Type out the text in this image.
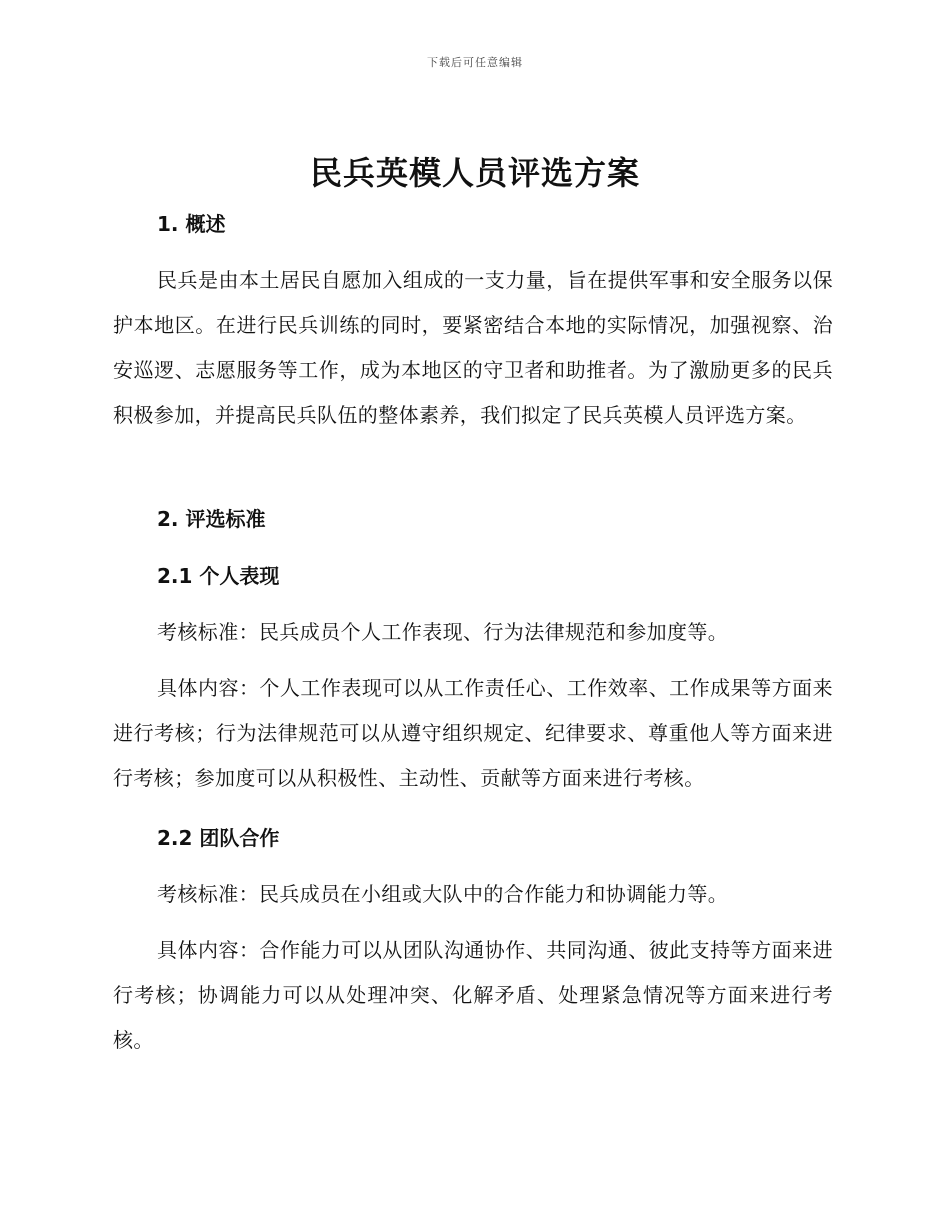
下载后可任意编辑
民兵英模人员评选方案
1. 概述

民兵是由本土居民自愿加入组成的一支力量，旨在提供军事和安全服务以保护本地区。在进行民兵训练的同时，要紧密结合本地的实际情况，加强视察、治安巡逻、志愿服务等工作，成为本地区的守卫者和助推者。为了激励更多的民兵积极参加，并提高民兵队伍的整体素养，我们拟定了民兵英模人员评选方案。

2. 评选标准
2.1 个人表现

考核标准：民兵成员个人工作表现、行为法律规范和参加度等。

具体内容：个人工作表现可以从工作责任心、工作效率、工作成果等方面来进行考核；行为法律规范可以从遵守组织规定、纪律要求、尊重他人等方面来进行考核；参加度可以从积极性、主动性、贡献等方面来进行考核。

2.2 团队合作

考核标准：民兵成员在小组或大队中的合作能力和协调能力等。

具体内容：合作能力可以从团队沟通协作、共同沟通、彼此支持等方面来进行考核；协调能力可以从处理冲突、化解矛盾、处理紧急情况等方面来进行考核。
